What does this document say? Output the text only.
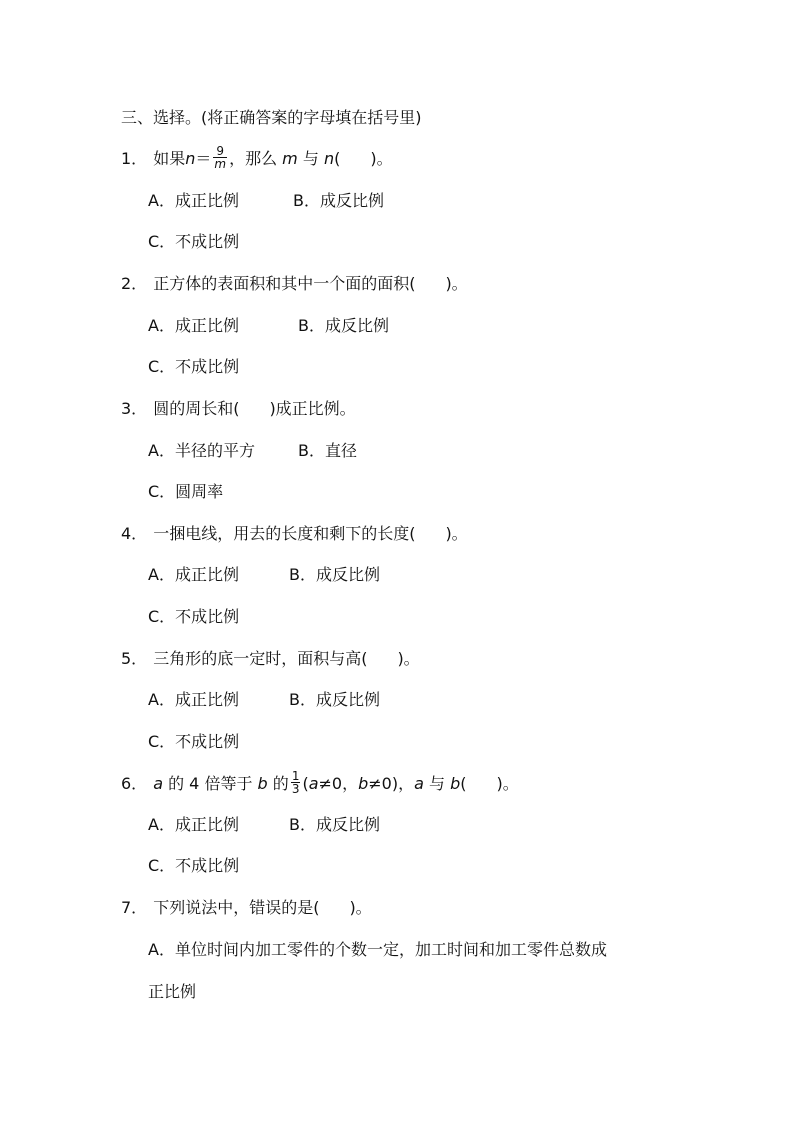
三、选择。(将正确答案的字母填在括号里)
1． 如果$n= \frac{9}{m}$ ，那么 m 与 n( )。
A．成正比例	B．成反比例
C．不成比例
2． 正方体的表面积和其中一个面的面积( )。
A．成正比例	B．成反比例
C．不成比例
3． 圆的周长和( )成正比例。
A．半径的平方	B．直径
C．圆周率
4． 一捆电线，用去的长度和剩下的长度( )。
A．成正比例	B．成反比例
C．不成比例
5． 三角形的底一定时，面积与高( )。
A．成正比例	B．成反比例
C．不成比例
6． a 的 4 倍等于 b 的 $\frac{1}{3} (a\ne 0$，b≠0)，a 与 b( )。
A．成正比例	B．成反比例
C．不成比例
7． 下列说法中，错误的是( )。
A．单位时间内加工零件的个数一定，加工时间和加工零件总数成
正比例
